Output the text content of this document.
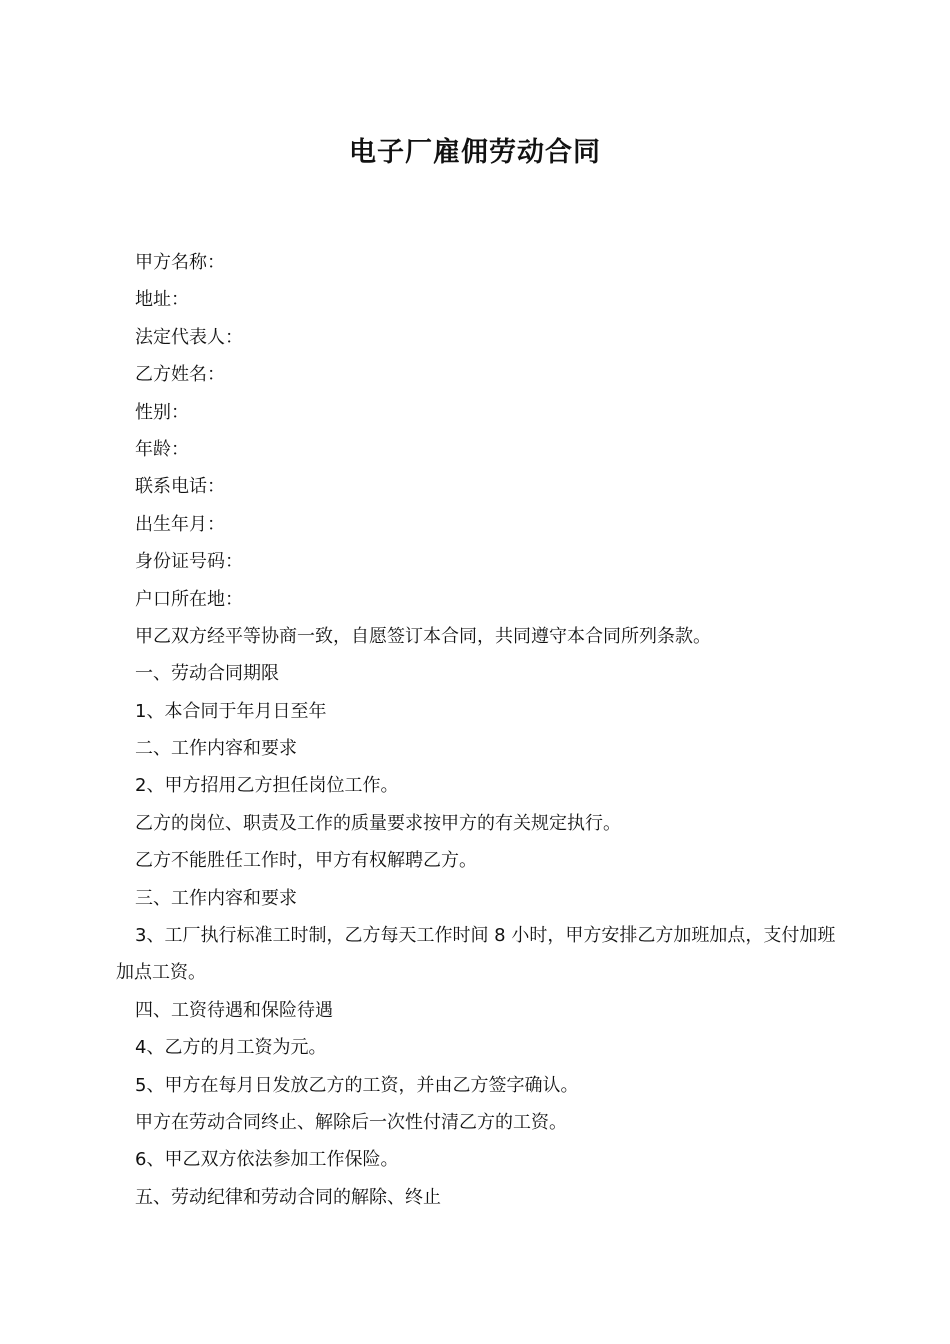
电子厂雇佣劳动合同
甲方名称：
地址：
法定代表人：
乙方姓名：
性别：
年龄：
联系电话：
出生年月：
身份证号码：
户口所在地：
甲乙双方经平等协商一致，自愿签订本合同，共同遵守本合同所列条款。
一、劳动合同期限
1、本合同于年月日至年
二、工作内容和要求
2、甲方招用乙方担任岗位工作。
乙方的岗位、职责及工作的质量要求按甲方的有关规定执行。
乙方不能胜任工作时，甲方有权解聘乙方。
三、工作内容和要求
3、工厂执行标准工时制，乙方每天工作时间 8 小时，甲方安排乙方加班加点，支付加班加点工资。
四、工资待遇和保险待遇
4、乙方的月工资为元。
5、甲方在每月日发放乙方的工资，并由乙方签字确认。
甲方在劳动合同终止、解除后一次性付清乙方的工资。
6、甲乙双方依法参加工作保险。
五、劳动纪律和劳动合同的解除、终止
